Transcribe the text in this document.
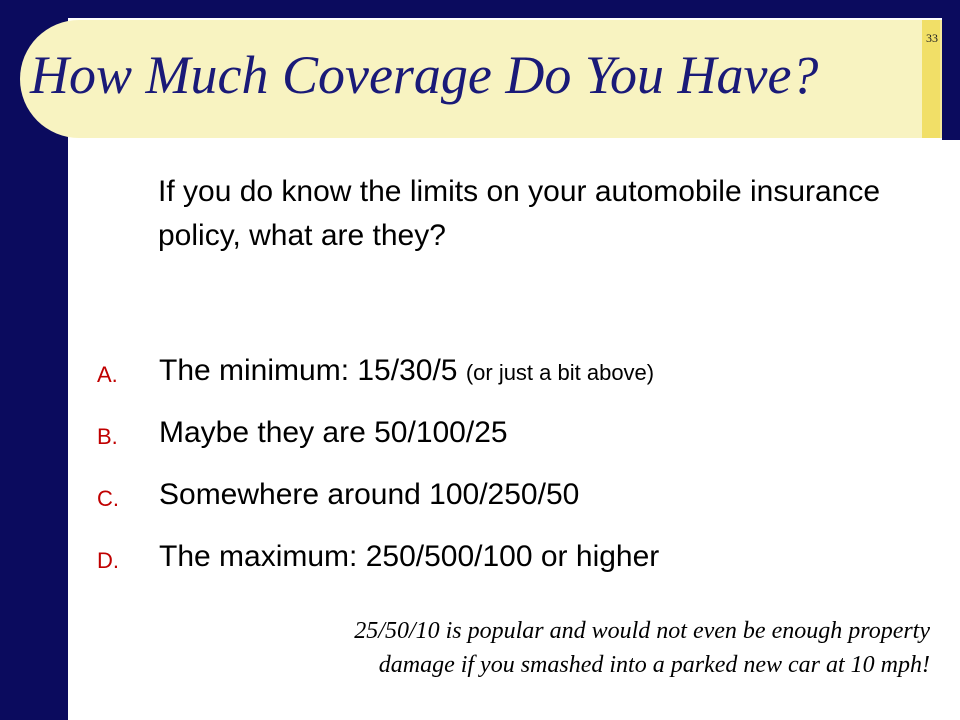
33
How Much Coverage Do You Have?
If you do know the limits on your automobile insurance policy, what are they?
A. The minimum: 15/30/5 (or just a bit above)
B. Maybe they are 50/100/25
C. Somewhere around 100/250/50
D. The maximum: 250/500/100 or higher
25/50/10 is popular and would not even be enough property
damage if you smashed into a parked new car at 10 mph!
